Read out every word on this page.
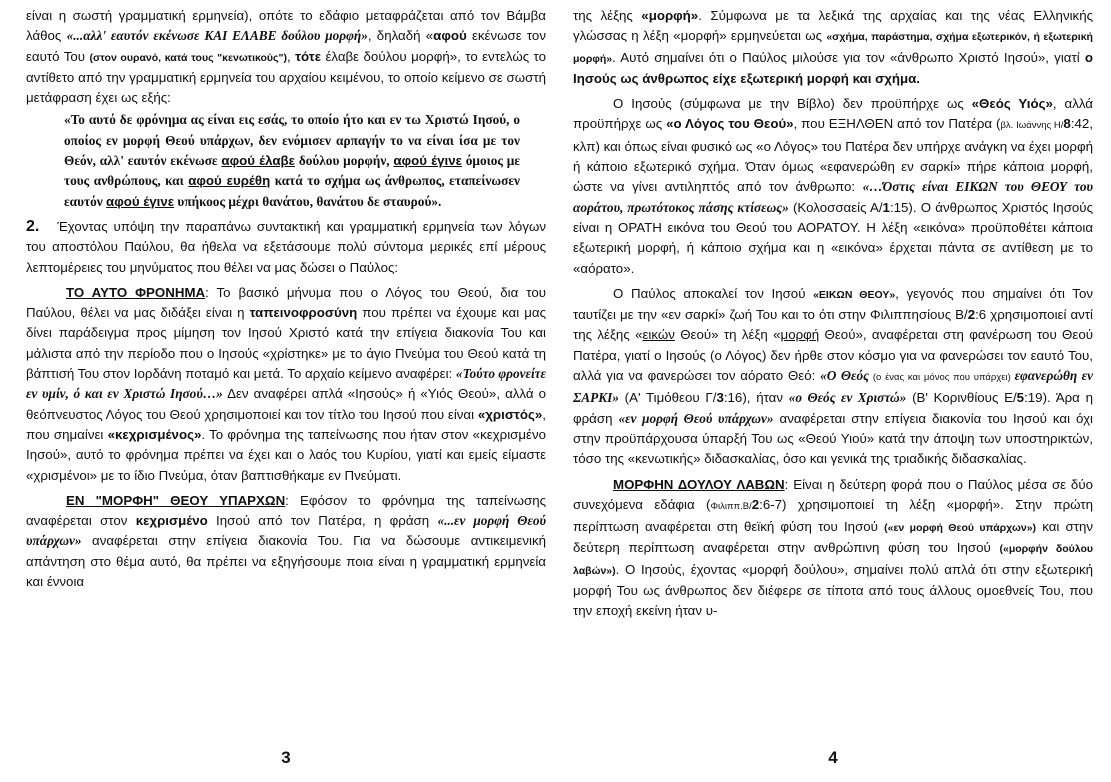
είναι η σωστή γραμματική ερμηνεία), οπότε το εδάφιο μεταφράζεται από τον Βάμβα λάθος «...αλλ' εαυτόν εκένωσε ΚΑΙ ΕΛΑΒΕ δούλου μορφή», δηλαδή «αφού εκένωσε τον εαυτό Του (στον ουρανό, κατά τους "κενωτικούς"), τότε έλαβε δούλου μορφή», το εντελώς το αντίθετο από την γραμματική ερμηνεία του αρχαίου κειμένου, το οποίο κείμενο σε σωστή μετάφραση έχει ως εξής:

«Το αυτό δε φρόνημα ας είναι εις εσάς, το οποίο ήτο και εν τω Χριστώ Ιησού, ο οποίος εν μορφή Θεού υπάρχων, δεν ενόμισεν αρπαγήν το να είναι ίσα με τον Θεόν, αλλ' εαυτόν εκένωσε αφού έλαβε δούλου μορφήν, αφού έγινε όμοιος με τους ανθρώπους, και αφού ευρέθη κατά το σχήμα ως άνθρωπος, εταπείνωσεν εαυτόν αφού έγινε υπήκοος μέχρι θανάτου, θανάτου δε σταυρού».

2. Έχοντας υπόψη την παραπάνω συντακτική και γραμματική ερμηνεία των λόγων του αποστόλου Παύλου, θα ήθελα να εξετάσουμε πολύ σύντομα μερικές επί μέρους λεπτομέρειες του μηνύματος που θέλει να μας δώσει ο Παύλος:

ΤΟ ΑΥΤΟ ΦΡΟΝΗΜΑ: Το βασικό μήνυμα που ο Λόγος του Θεού, δια του Παύλου, θέλει να μας διδάξει είναι η ταπεινοφροσύνη που πρέπει να έχουμε και μας δίνει παράδειγμα προς μίμηση τον Ιησού Χριστό κατά την επίγεια διακονία Του και μάλιστα από την περίοδο που ο Ιησούς «χρίστηκε» με το άγιο Πνεύμα του Θεού κατά τη βάπτισή Του στον Ιορδάνη ποταμό και μετά. Το αρχαίο κείμενο αναφέρει: «Τούτο φρονείτε εν υμίν, ό και εν Χριστώ Ιησού…» Δεν αναφέρει απλά «Ιησούς» ή «Υιός Θεού», αλλά ο θεόπνευστος Λόγος του Θεού χρησιμοποιεί και τον τίτλο του Ιησού που είναι «χριστός», που σημαίνει «κεχρισμένος». Το φρόνημα της ταπείνωσης που ήταν στον «κεχρισμένο Ιησού», αυτό το φρόνημα πρέπει να έχει και ο λαός του Κυρίου, γιατί και εμείς είμαστε «χρισμένοι» με το ίδιο Πνεύμα, όταν βαπτισθήκαμε εν Πνεύματι.

ΕΝ "ΜΟΡΦΗ" ΘΕΟΥ ΥΠΑΡΧΩΝ: Εφόσον το φρόνημα της ταπείνωσης αναφέρεται στον κεχρισμένο Ιησού από τον Πατέρα, η φράση «...εν μορφή Θεού υπάρχων» αναφέρεται στην επίγεια διακονία Του. Για να δώσουμε αντικειμενική απάντηση στο θέμα αυτό, θα πρέπει να εξηγήσουμε ποια είναι η γραμματική ερμηνεία και έννοια

3

της λέξης «μορφή». Σύμφωνα με τα λεξικά της αρχαίας και της νέας Ελληνικής γλώσσας η λέξη «μορφή» ερμηνεύεται ως «σχήμα, παράστημα, σχήμα εξωτερικόν, ή εξωτερική μορφή». Αυτό σημαίνει ότι ο Παύλος μιλούσε για τον «άνθρωπο Χριστό Ιησού», γιατί ο Ιησούς ως άνθρωπος είχε εξωτερική μορφή και σχήμα.

Ο Ιησούς (σύμφωνα με την Βίβλο) δεν προϋπήρχε ως «Θεός Υιός», αλλά προϋπήρχε ως «ο Λόγος του Θεού», που ΕΞΗΛΘΕΝ από τον Πατέρα (βλ. Ιωάννης Η/8:42, κλπ) και όπως είναι φυσικό ως «ο Λόγος» του Πατέρα δεν υπήρχε ανάγκη να έχει μορφή ή κάποιο εξωτερικό σχήμα. Όταν όμως «εφανερώθη εν σαρκί» πήρε κάποια μορφή, ώστε να γίνει αντιληπτός από τον άνθρωπο: «…Όστις είναι ΕΙΚΩΝ του ΘΕΟΥ του αοράτου, πρωτότοκος πάσης κτίσεως» (Κολοσσαείς Α/1:15). Ο άνθρωπος Χριστός Ιησούς είναι η ΟΡΑΤΗ εικόνα του Θεού του ΑΟΡΑΤΟΥ. Η λέξη «εικόνα» προϋποθέτει κάποια εξωτερική μορφή, ή κάποιο σχήμα και η «εικόνα» έρχεται πάντα σε αντίθεση με το «αόρατο».

Ο Παύλος αποκαλεί τον Ιησού «ΕΙΚΩΝ ΘΕΟΥ», γεγονός που σημαίνει ότι Τον ταυτίζει με την «εν σαρκί» ζωή Του και το ότι στην Φιλιππησίους Β/2:6 χρησιμοποιεί αντί της λέξης «εικών Θεού» τη λέξη «μορφή Θεού», αναφέρεται στη φανέρωση του Θεού Πατέρα, γιατί ο Ιησούς (ο Λόγος) δεν ήρθε στον κόσμο για να φανερώσει τον εαυτό Του, αλλά για να φανερώσει τον αόρατο Θεό: «Ο Θεός (ο ένας και μόνος που υπάρχει) εφανερώθη εν ΣΑΡΚΙ» (Α' Τιμόθεου Γ/3:16), ήταν «ο Θεός εν Χριστώ» (Β' Κορινθίους Ε/5:19). Άρα η φράση «εν μορφή Θεού υπάρχων» αναφέρεται στην επίγεια διακονία του Ιησού και όχι στην προϋπάρχουσα ύπαρξή Του ως «Θεού Υιού» κατά την άποψη των υποστηρικτών, τόσο της «κενωτικής» διδασκαλίας, όσο και γενικά της τριαδικής διδασκαλίας.

ΜΟΡΦΗΝ ΔΟΥΛΟΥ ΛΑΒΩΝ: Είναι η δεύτερη φορά που ο Παύλος μέσα σε δύο συνεχόμενα εδάφια (Φιλιππ.Β/2:6-7) χρησιμοποιεί τη λέξη «μορφή». Στην πρώτη περίπτωση αναφέρεται στη θεϊκή φύση του Ιησού («εν μορφή Θεού υπάρχων») και στην δεύτερη περίπτωση αναφέρεται στην ανθρώπινη φύση του Ιησού («μορφήν δούλου λαβών»). Ο Ιησούς, έχοντας «μορφή δούλου», σημαίνει πολύ απλά ότι στην εξωτερική μορφή Του ως άνθρωπος δεν διέφερε σε τίποτα από τους άλλους ομοεθνείς Του, που την εποχή εκείνη ήταν υ-

4
